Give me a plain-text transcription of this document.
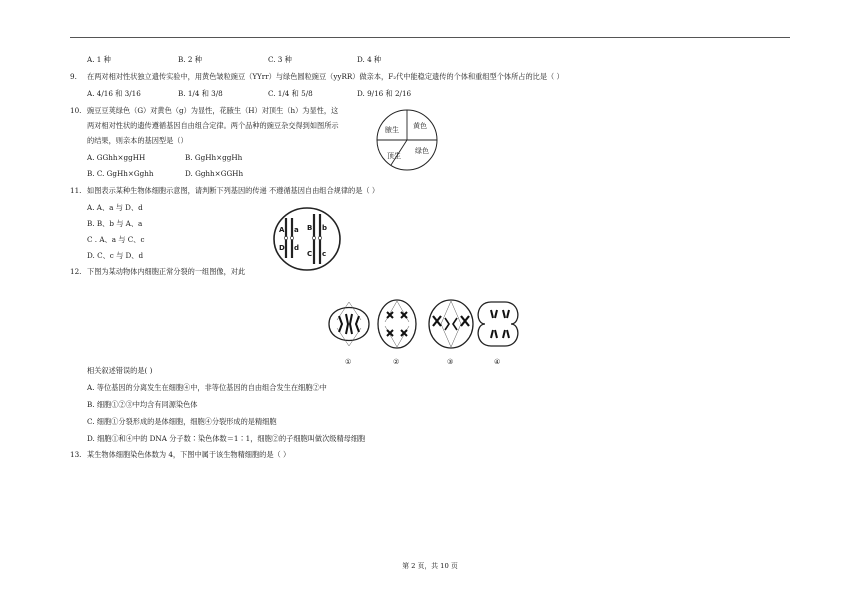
A. 1 种	B. 2 种	C. 3 种	D. 4 种
9. 在两对相对性状独立遗传实验中，用黄色皱粒豌豆（YYrr）与绿色圆粒豌豆（yyRR）做亲本，F₂代中能稳定遗传的个体和重组型个体所占的比是（ ）
A. 4/16 和 3/16	B. 1/4 和 3/8	C. 1/4 和 5/8	D. 9/16 和 2/16
10. 豌豆豆荚绿色（G）对黄色（g）为显性，花腋生（H）对顶生（h）为显性，这
两对相对性状的遗传遵循基因自由组合定律。两个品种的豌豆杂交得到如图所示
的结果，则亲本的基因型是（）
A. GGhh×ggHH	B. GgHh×ggHh
B. C. GgHh×Gghh	D. Gghh×GGHh
腋生 黄色
绿色
顶生
11. 如图表示某种生物体细胞示意图，请判断下列基因的传递 不遵循基因自由组合规律的是（ ）
A. A、a 与 D、d
B. B、b 与 A、a
C . A、a 与 C、c
D. C、c 与 D、d
A a B b
D d
C c
12. 下图为某动物体内细胞正常分裂的一组图像，对此
①	②	③	④
相关叙述错误的是( )
A. 等位基因的分离发生在细胞④中，非等位基因的自由组合发生在细胞②中
B. 细胞①②③中均含有同源染色体
C. 细胞①分裂形成的是体细胞，细胞④分裂形成的是精细胞
D. 细胞①和④中的 DNA 分子数∶染色体数＝1∶1，细胞②的子细胞叫做次级精母细胞
13. 某生物体细胞染色体数为 4，下图中属于该生物精细胞的是（ ）
第 2 页，共 10 页
